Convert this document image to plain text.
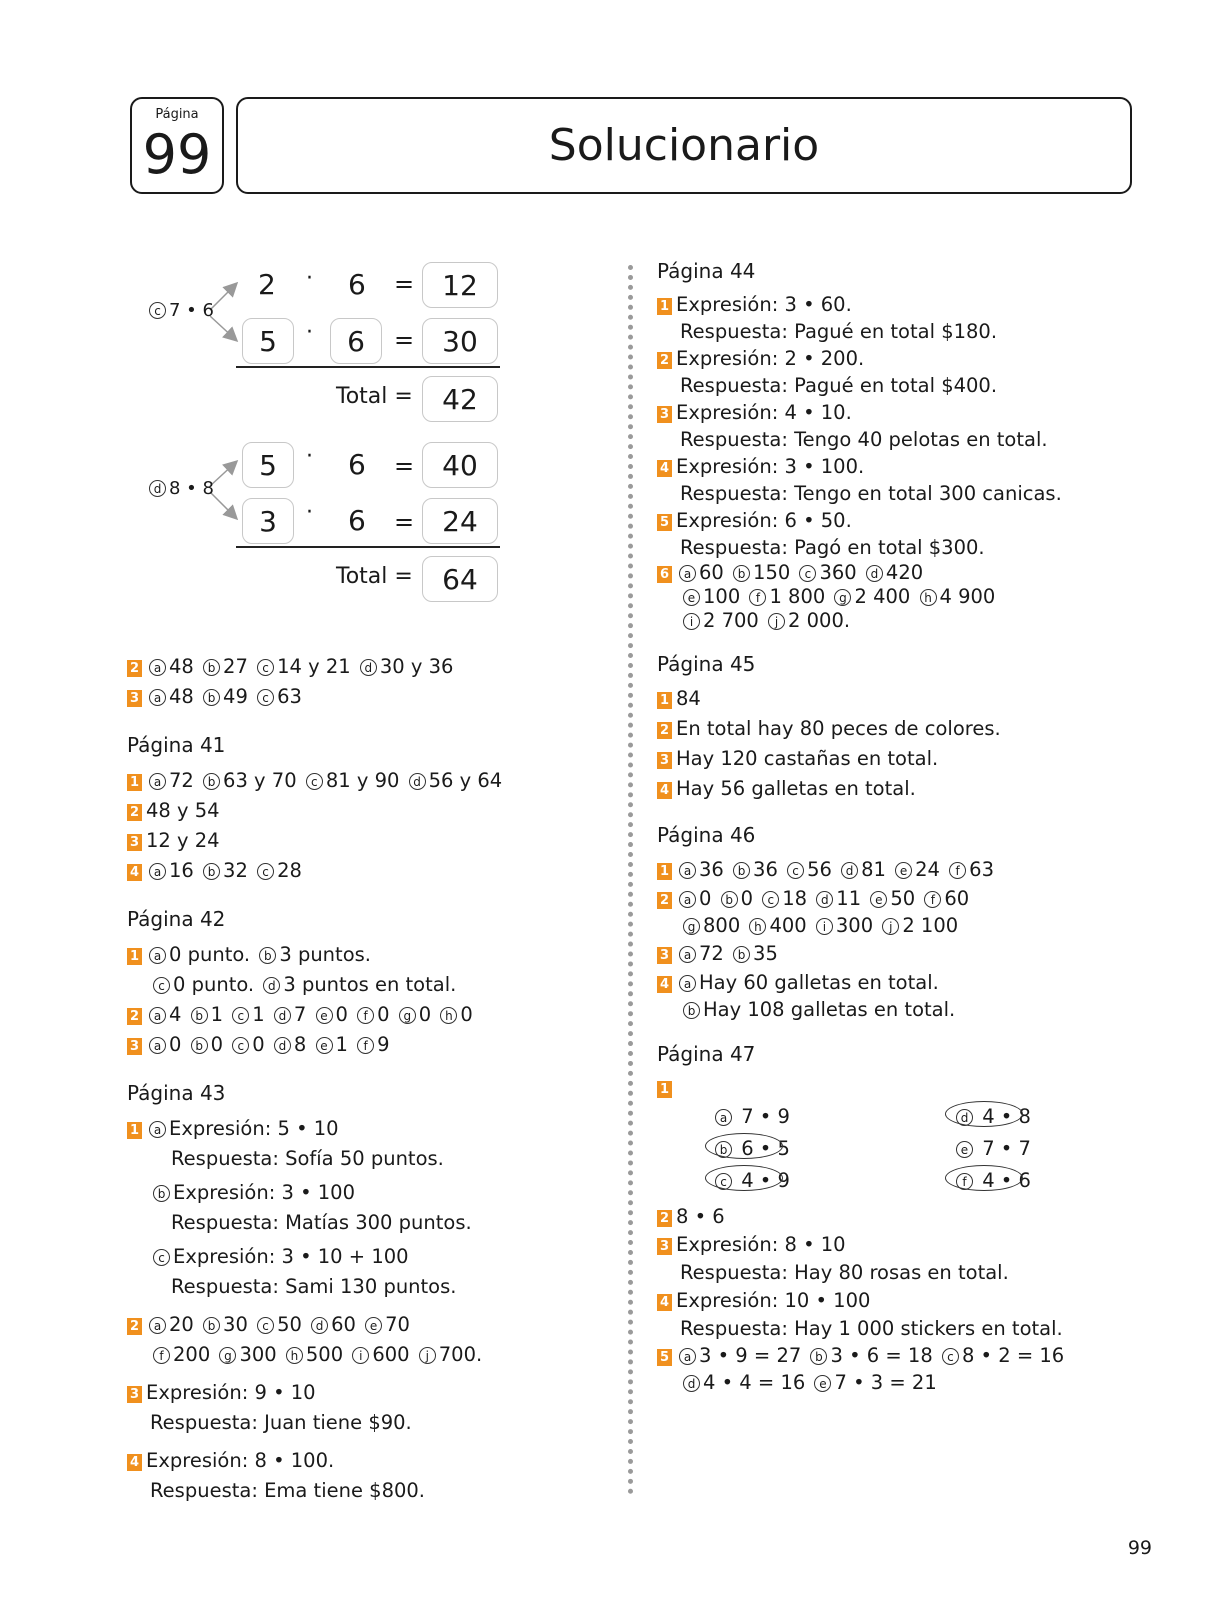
Página
99	Solucionario
c 7 • 6
2 · 6 =	12
5	·	6	=	30
Total =	42
d 8 • 8
5	· 6 =	40
3	· 6 =	24
Total =	64

2 a 48 b 27 c 14 y 21 d 30 y 36

3 a 48 b 49 c 63

Página 41

1 a 72 b 63 y 70 c 81 y 90 d 56 y 64

2 48 y 54

3 12 y 24

4 a 16 b 32 c 28

Página 42

1 a 0 punto. b 3 puntos.

c 0 punto. d 3 puntos en total.

2 a 4 b 1 c 1 d 7 e 0 f 0 g 0 h 0

3 a 0 b 0 c 0 d 8 e 1 f 9

Página 43

1 a Expresión: 5 • 10

Respuesta: Sofía 50 puntos.

b Expresión: 3 • 100

Respuesta: Matías 300 puntos.

c Expresión: 3 • 10 + 100

Respuesta: Sami 130 puntos.

2 a 20 b 30 c 50 d 60 e 70

f 200 g 300 h 500 i 600 j 700.

3 Expresión: 9 • 10

Respuesta: Juan tiene $90.

4 Expresión: 8 • 100.

Respuesta: Ema tiene $800.

Página 44

1 Expresión: 3 • 60.

Respuesta: Pagué en total $180.

2 Expresión: 2 • 200.

Respuesta: Pagué en total $400.

3 Expresión: 4 • 10.

Respuesta: Tengo 40 pelotas en total.

4 Expresión: 3 • 100.

Respuesta: Tengo en total 300 canicas.

5 Expresión: 6 • 50.

Respuesta: Pagó en total $300.

6 a 60 b 150 c 360 d 420

e 100 f 1 800 g 2 400 h 4 900

i 2 700 j 2 000.

Página 45

1 84

2 En total hay 80 peces de colores.

3 Hay 120 castañas en total.

4 Hay 56 galletas en total.

Página 46

1 a 36 b 36 c 56 d 81 e 24 f 63

2 a 0 b 0 c 18 d 11 e 50 f 60

g 800 h 400 i 300 j 2 100

3 a 72 b 35

4 a Hay 60 galletas en total.

b Hay 108 galletas en total.

Página 47

1

a 7 • 9
b 6 • 5
c 4 • 9
d 4 • 8
e 7 • 7
f 4 • 6

2 8 • 6

3 Expresión: 8 • 10

Respuesta: Hay 80 rosas en total.

4 Expresión: 10 • 100

Respuesta: Hay 1 000 stickers en total.

5 a 3 • 9 = 27 b 3 • 6 = 18 c 8 • 2 = 16

d 4 • 4 = 16 e 7 • 3 = 21

99
